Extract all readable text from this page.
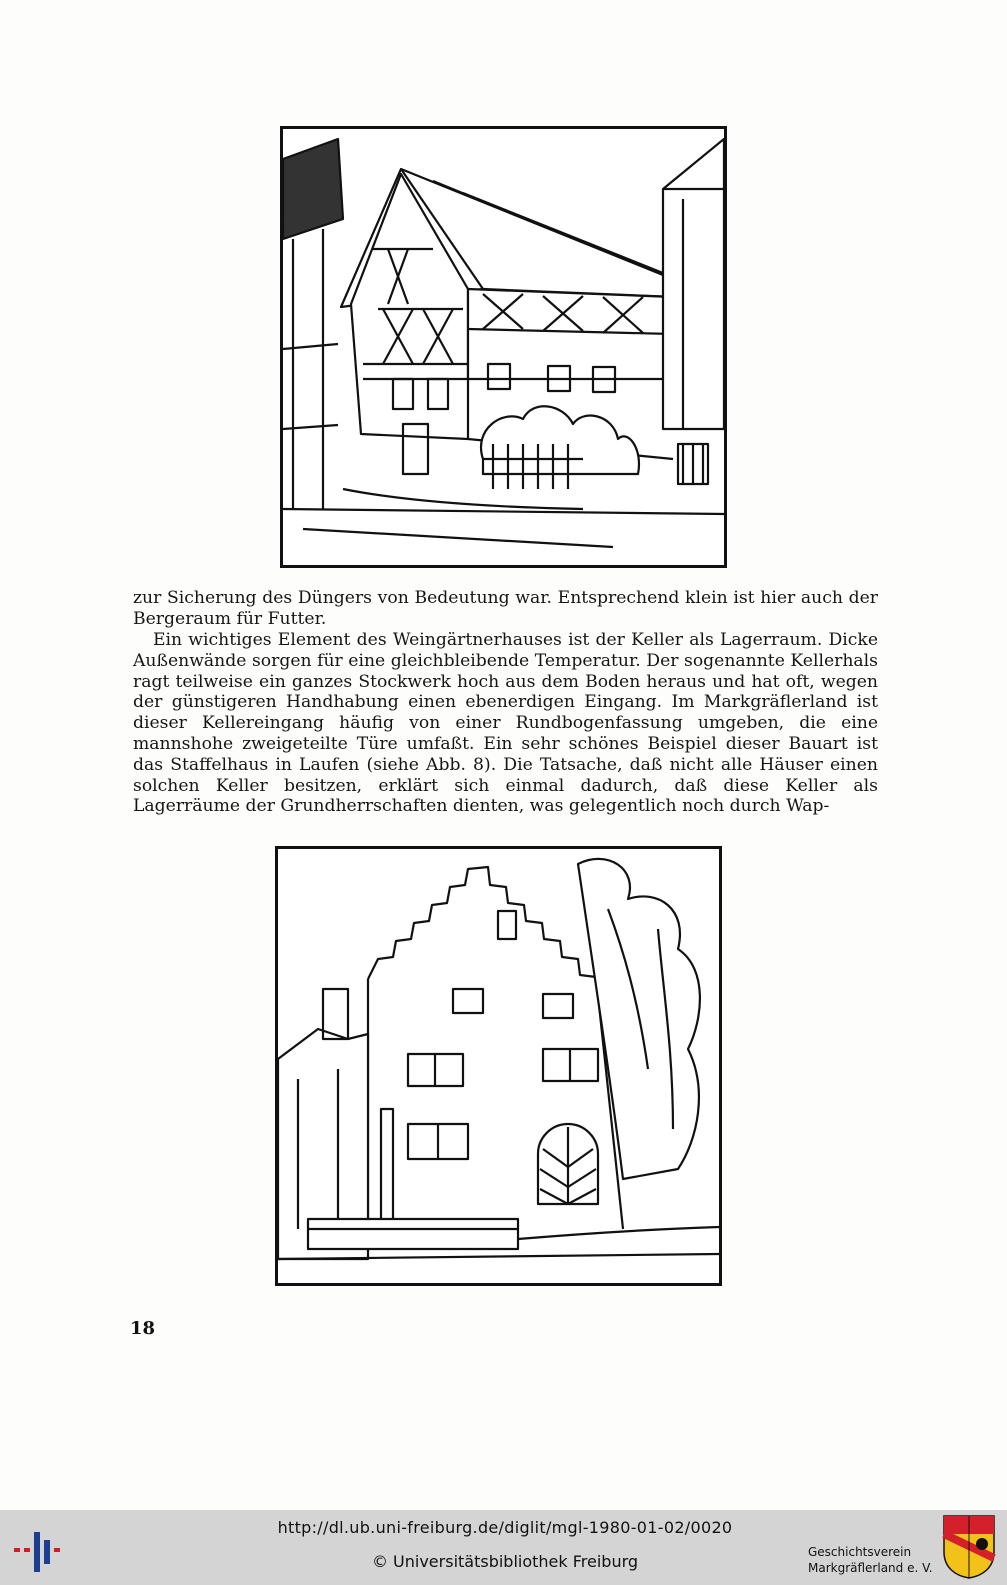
zur Sicherung des Düngers von Bedeutung war. Entsprechend klein ist hier auch der Bergeraum für Futter.

Ein wichtiges Element des Weingärtnerhauses ist der Keller als Lagerraum. Dicke Außenwände sorgen für eine gleichbleibende Temperatur. Der sogenannte Kellerhals ragt teilweise ein ganzes Stockwerk hoch aus dem Boden heraus und hat oft, wegen der günstigeren Handhabung einen ebenerdigen Eingang. Im Markgräflerland ist dieser Kellereingang häufig von einer Rundbogenfassung umgeben, die eine mannshohe zweigeteilte Türe umfaßt. Ein sehr schönes Beispiel dieser Bauart ist das Staffelhaus in Laufen (siehe Abb. 8). Die Tatsache, daß nicht alle Häuser einen solchen Keller besitzen, erklärt sich einmal dadurch, daß diese Keller als Lagerräume der Grundherrschaften dienten, was gelegentlich noch durch Wap-

18
http://dl.ub.uni-freiburg.de/diglit/mgl-1980-01-02/0020
© Universitätsbibliothek Freiburg	Geschichtsverein
Markgräflerland e. V.
